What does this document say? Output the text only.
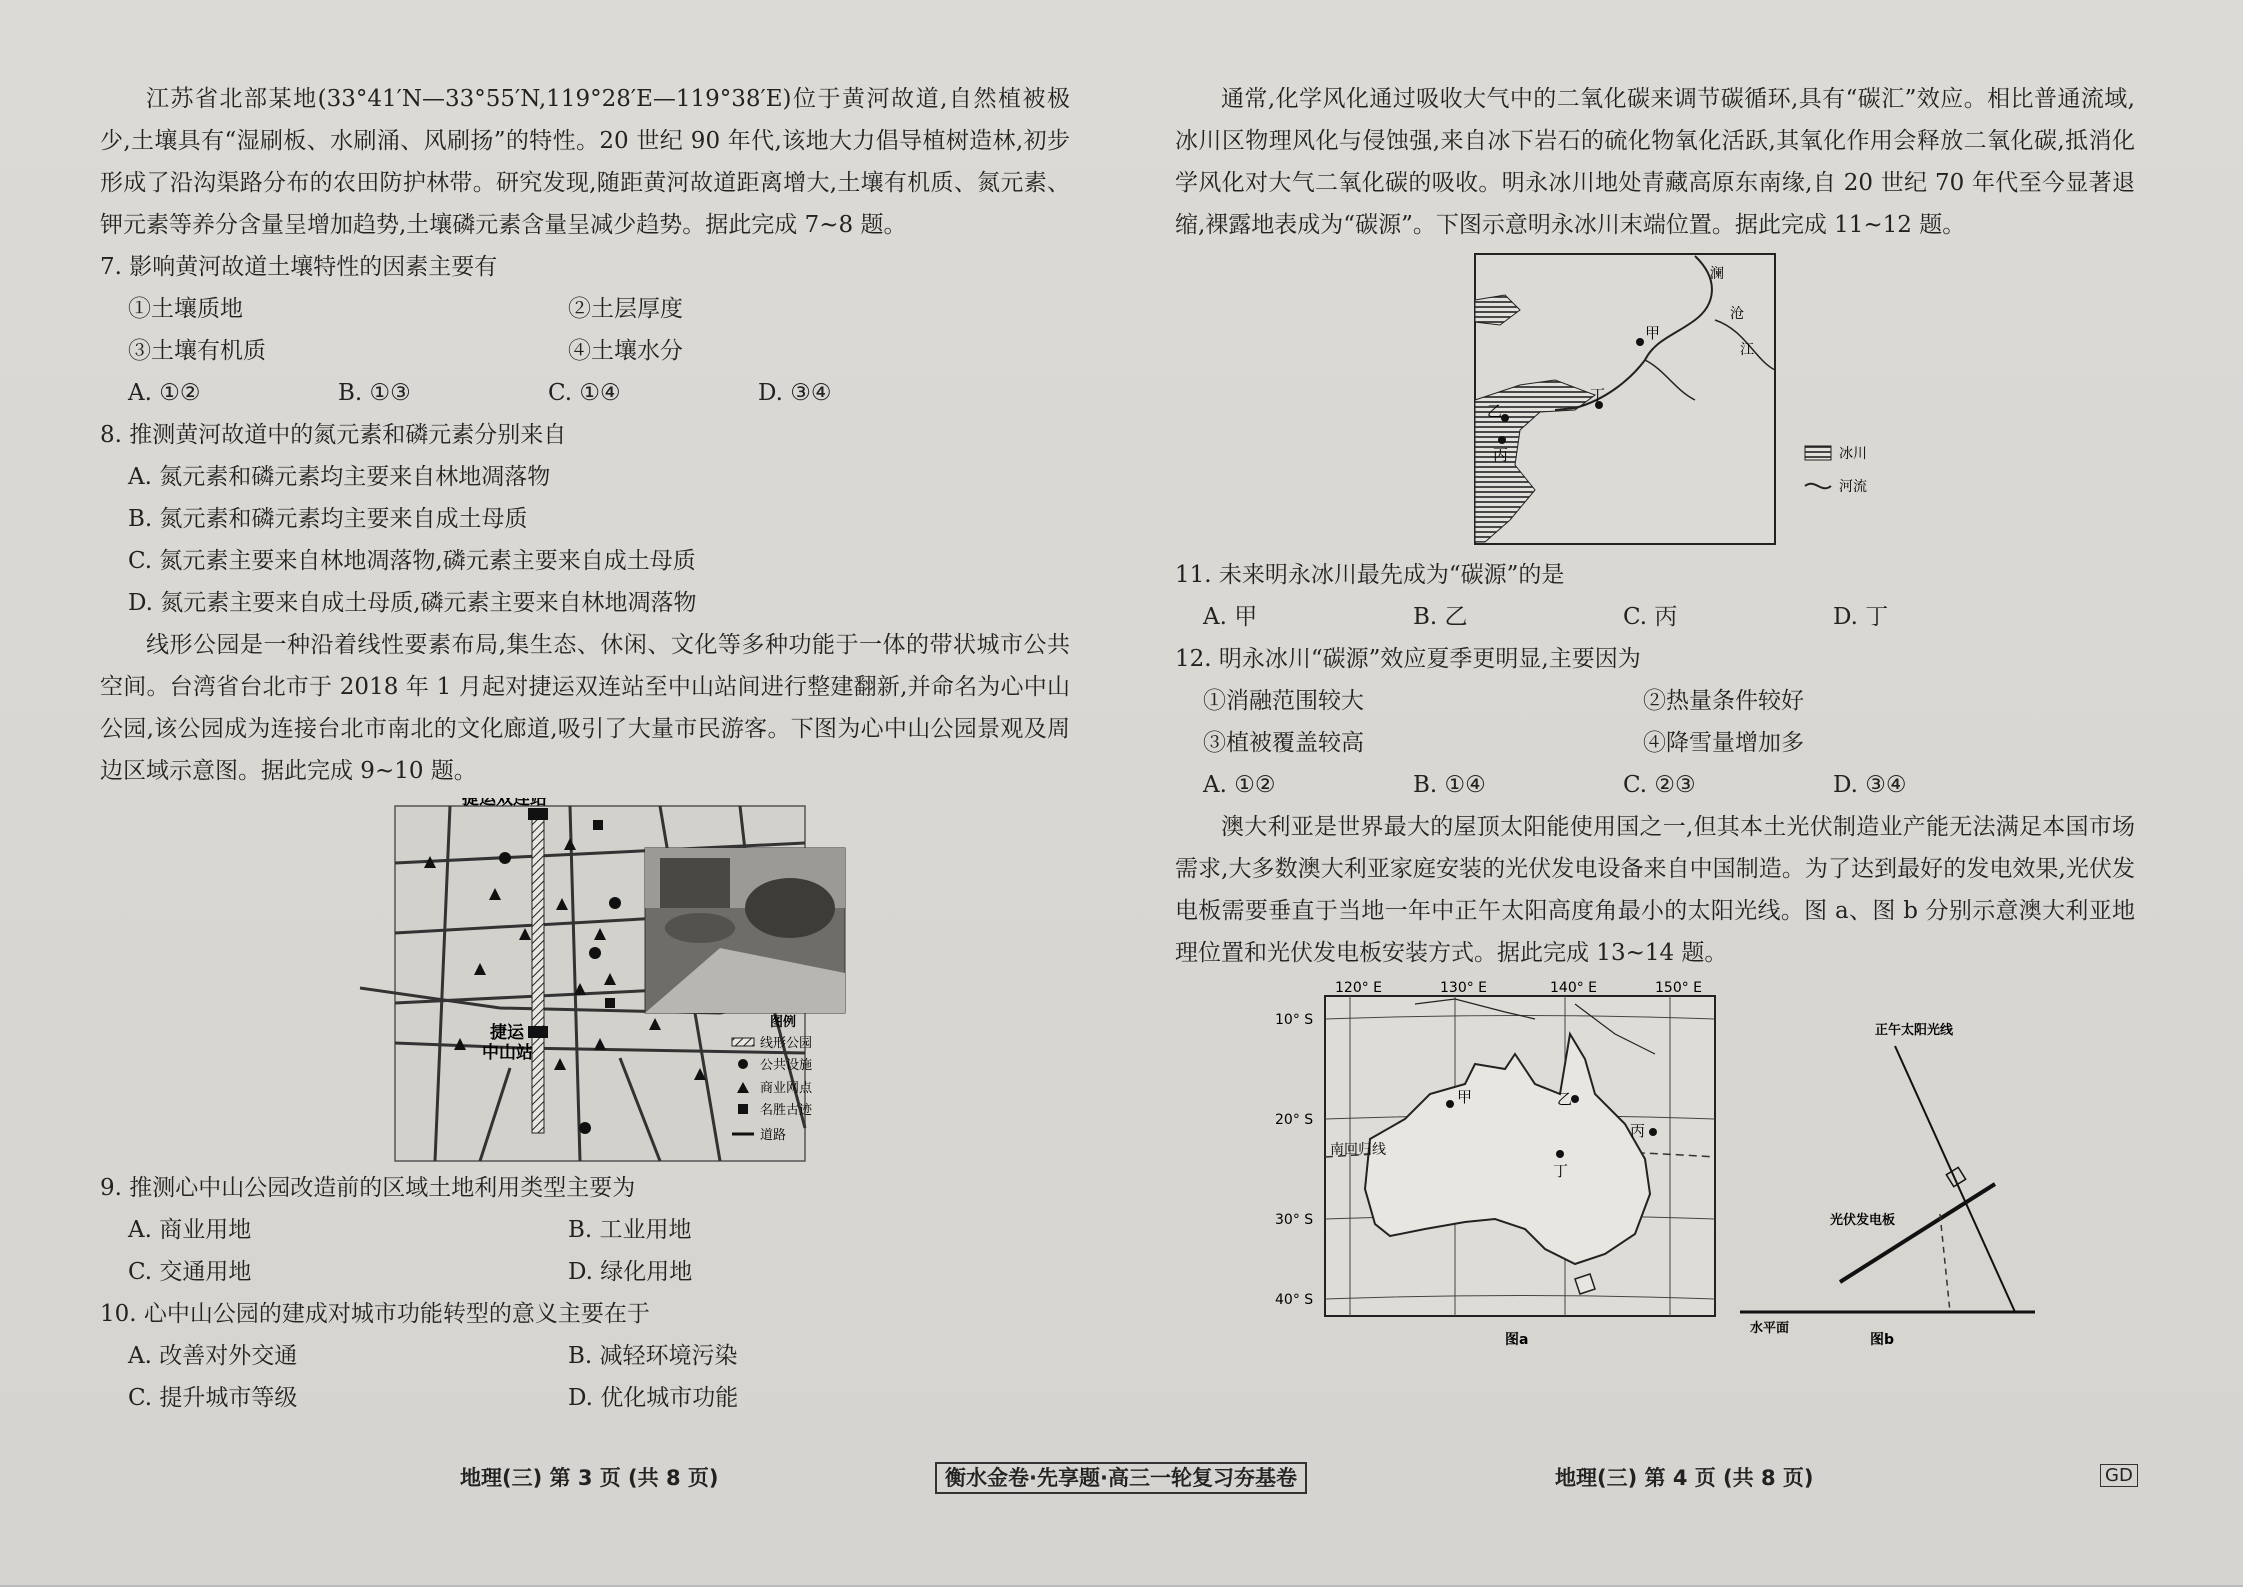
江苏省北部某地(33°41′N—33°55′N,119°28′E—119°38′E)位于黄河故道,自然植被极少,土壤具有“湿刷板、水刷涌、风刷扬”的特性。20 世纪 90 年代,该地大力倡导植树造林,初步形成了沿沟渠路分布的农田防护林带。研究发现,随距黄河故道距离增大,土壤有机质、氮元素、钾元素等养分含量呈增加趋势,土壤磷元素含量呈减少趋势。据此完成 7~8 题。

7. 影响黄河故道土壤特性的因素主要有
①土壤质地	②土层厚度
③土壤有机质	④土壤水分
A. ①②	B. ①③	C. ①④	D. ③④
8. 推测黄河故道中的氮元素和磷元素分别来自
A. 氮元素和磷元素均主要来自林地凋落物
B. 氮元素和磷元素均主要来自成土母质
C. 氮元素主要来自林地凋落物,磷元素主要来自成土母质
D. 氮元素主要来自成土母质,磷元素主要来自林地凋落物

线形公园是一种沿着线性要素布局,集生态、休闲、文化等多种功能于一体的带状城市公共空间。台湾省台北市于 2018 年 1 月起对捷运双连站至中山站间进行整建翻新,并命名为心中山公园,该公园成为连接台北市南北的文化廊道,吸引了大量市民游客。下图为心中山公园景观及周边区域示意图。据此完成 9~10 题。

捷运双连站
捷运
中山站
图例
线形公园
公共设施
商业网点
名胜古迹
道路
9. 推测心中山公园改造前的区域土地利用类型主要为
A. 商业用地	B. 工业用地
C. 交通用地	D. 绿化用地
10. 心中山公园的建成对城市功能转型的意义主要在于
A. 改善对外交通	B. 减轻环境污染
C. 提升城市等级	D. 优化城市功能

通常,化学风化通过吸收大气中的二氧化碳来调节碳循环,具有“碳汇”效应。相比普通流域,冰川区物理风化与侵蚀强,来自冰下岩石的硫化物氧化活跃,其氧化作用会释放二氧化碳,抵消化学风化对大气二氧化碳的吸收。明永冰川地处青藏高原东南缘,自 20 世纪 70 年代至今显著退缩,裸露地表成为“碳源”。下图示意明永冰川末端位置。据此完成 11~12 题。

澜
沧
江
甲
乙
丙
丁
冰川
河流
11. 未来明永冰川最先成为“碳源”的是
A. 甲	B. 乙	C. 丙	D. 丁
12. 明永冰川“碳源”效应夏季更明显,主要因为
①消融范围较大	②热量条件较好
③植被覆盖较高	④降雪量增加多
A. ①②	B. ①④	C. ②③	D. ③④

澳大利亚是世界最大的屋顶太阳能使用国之一,但其本土光伏制造业产能无法满足本国市场需求,大多数澳大利亚家庭安装的光伏发电设备来自中国制造。为了达到最好的发电效果,光伏发电板需要垂直于当地一年中正午太阳高度角最小的太阳光线。图 a、图 b 分别示意澳大利亚地理位置和光伏发电板安装方式。据此完成 13~14 题。

120° E	130° E	140° E	150° E
10° S
20° S
30° S
40° S
南回归线
甲	乙
丙
丁
图a
正午太阳光线
光伏发电板
水平面
图b
地理(三) 第 3 页 (共 8 页)	衡水金卷·先享题·高三一轮复习夯基卷	地理(三) 第 4 页 (共 8 页)	GD
